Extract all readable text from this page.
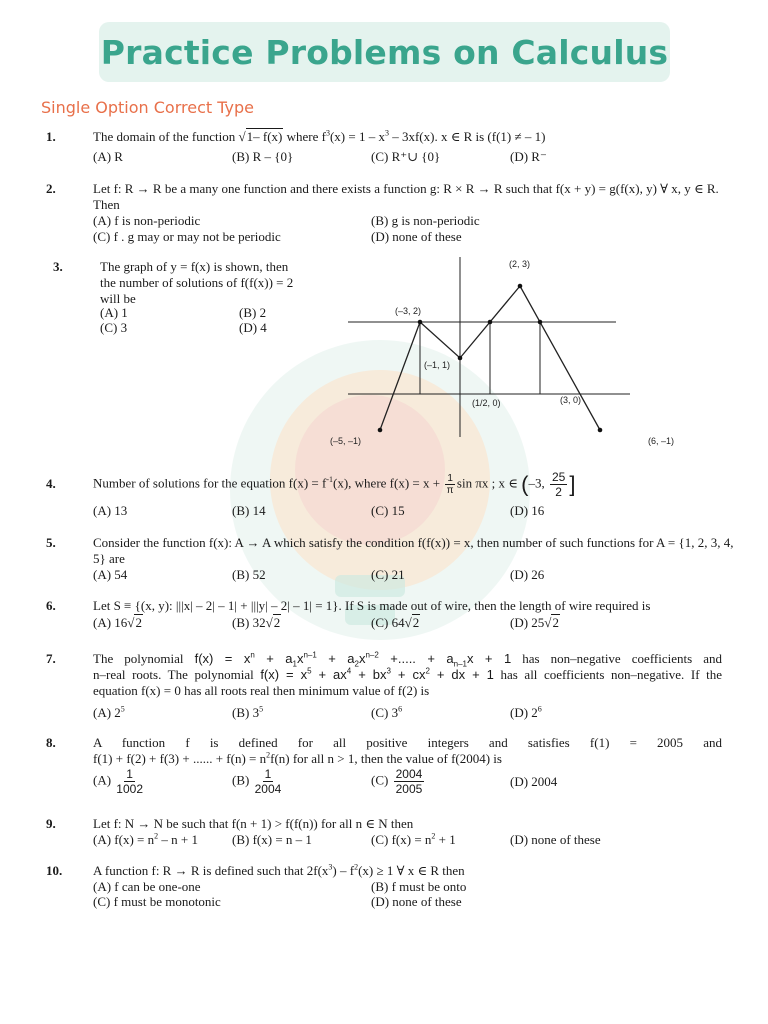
Practice Problems on Calculus
Single Option Correct Type
1.	The domain of the function √1– f(x) where $f^3(x) = 1 - x^3 - 3xf(x)$. x ∈ R is (f(1) ≠ – 1)
(A) R	(B) R – {0}	(C) R⁺∪ {0}	(D) R⁻
2.	Let f: R → R be a many one function and there exists a function g: R × R → R such that f(x + y) = g(f(x), y) ∀ x, y ∈ R. Then
(A) f is non-periodic	(B) g is non-periodic
(C) f . g may or may not be periodic	(D) none of these
3.	The graph of y = f(x) is shown, then
the number of solutions of f(f(x)) = 2
will be
(A) 1	(B) 2
(C) 3	(D) 4
(2, 3)
(–3, 2)
(–1, 1)
(1/2, 0)	(3, 0)
(–5, –1)	(6, –1)
4.	Number of solutions for the equation $f(x) = f^{-1}(x)$, where $f(x) = x + \frac{1}{\pi}$ sin πx ; x ∈ (–3, $\frac{25}{2}$ ]
(A) 13	(B) 14	(C) 15	(D) 16
5.	Consider the function f(x): A → A which satisfy the condition f(f(x)) = x, then number of such functions for A = {1, 2, 3, 4, 5} are
(A) 54	(B) 52	(C) 21	(D) 26
6.	Let S ≡ {(x, y): |||x| – 2| – 1| + |||y| – 2| – 1| = 1}. If S is made out of wire, then the length of wire required is
(A) 16√2	(B) 32√2	(C) 64√2	(D) 25√2
7.	The polynomial $f(x) = x^n + a_1x^{n-1} + a_2x^{n-2}$ +..... + $a_{n-1}x + 1$ has non–negative coefficients and
n–real roots. The polynomial $f(x) = x^5 + ax^4 + bx^3 + cx^2$ + dx + 1 has all coefficients non–negative. If the
equation f(x) = 0 has all roots real then minimum value of f(2) is
(A) $2^5$	(B) $3^5$	(C) $3^6$	(D) $2^6$
8.	A function f is defined for all positive integers and satisfies f(1) = 2005 and
f(1) + f(2) + f(3) + ...... + $f(n) = n^2f(n)$ for all n > 1, then the value of f(2004) is
$(A) \frac{1}{1002}$	$(B) \frac{1}{2004}$	$(C) \frac{2004}{2005}$	(D) 2004
9.	Let f: N → N be such that f(n + 1) > f(f(n)) for all n ∈ N then
(A) $f(x) = n^2 - n + 1$	(B) f(x) = n – 1	(C) $f(x) = n^2 + 1$	(D) none of these
10. A function f: R → R is defined such that $2f(x^3) - f^2(x) \ge 1$ ∀ x ∈ R then
(A) f can be one-one	(B) f must be onto
(C) f must be monotonic	(D) none of these
